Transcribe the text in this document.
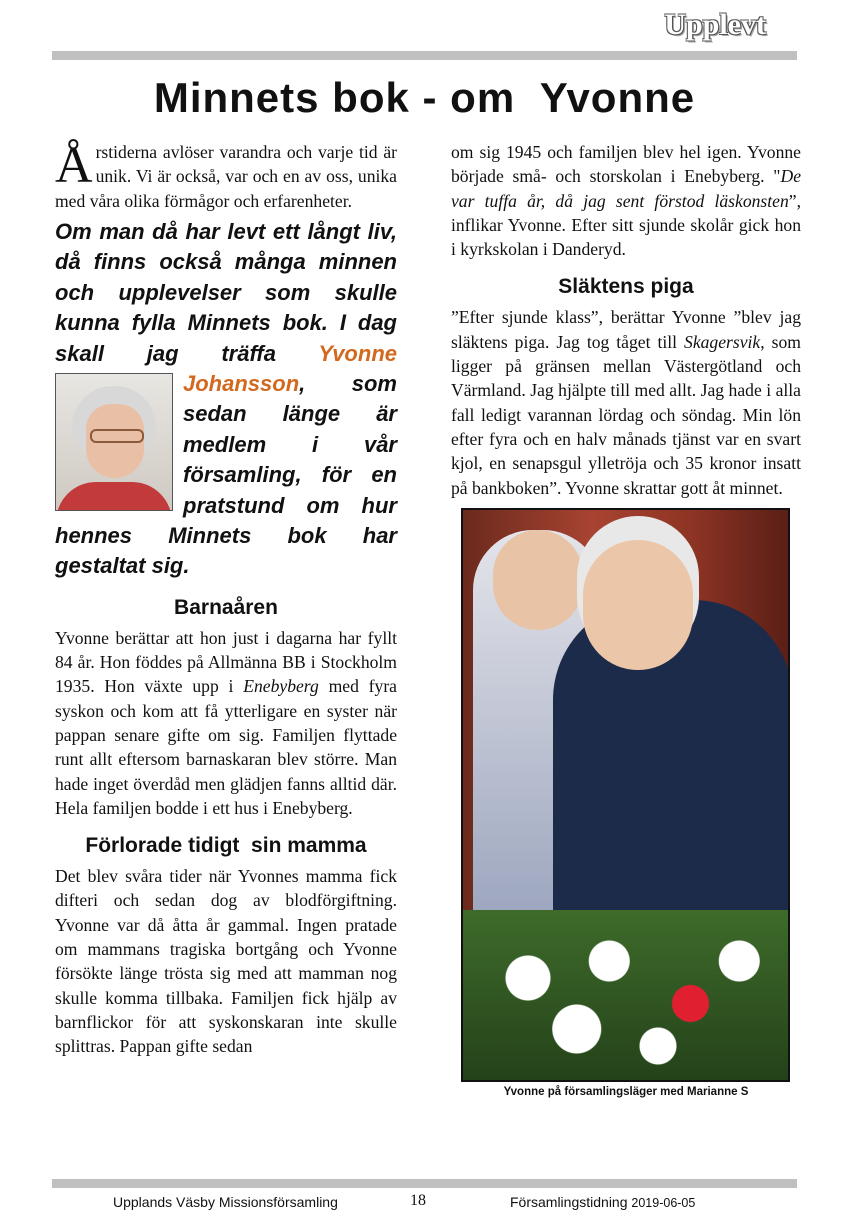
Upplevt
Minnets bok - om  Yvonne

Årstiderna avlöser varandra och varje tid är unik. Vi är också, var och en av oss, unika med våra olika förmågor och erfarenheter.

Om man då har levt ett långt liv, då finns också många minnen och upplevelser som skulle kunna fylla Minnets bok. I dag skall jag träffa Yvonne Johansson
, som sedan länge är medlem i vår församling, för en pratstund om hur hennes Minnets bok har gestaltat sig.

Barnaåren

Yvonne berättar att hon just i dagarna har fyllt 84 år. Hon föddes på Allmänna BB i Stockholm 1935. Hon växte upp i Enebyberg med fyra syskon och kom att få ytterligare en syster när pappan senare gifte om sig. Familjen flyttade runt allt eftersom barnaskaran blev större. Man hade inget överdåd men glädjen fanns alltid där. Hela familjen bodde i ett hus i Enebyberg.

Förlorade tidigt  sin mamma

Det blev svåra tider när Yvonnes mamma fick difteri och sedan dog av blodförgiftning. Yvonne var då åtta år gammal. Ingen pratade om mammans tragiska bortgång och Yvonne försökte länge trösta sig med att mamman nog skulle komma tillbaka. Familjen fick hjälp av barnflickor för att syskonskaran inte skulle splittras. Pappan gifte sedan

om sig 1945 och familjen blev hel igen. Yvonne började små- och storskolan i Enebyberg. "De var tuffa år, då jag sent förstod läskonsten”, inflikar Yvonne. Efter sitt sjunde skolår gick hon i kyrkskolan i Danderyd.

Släktens piga

”Efter sjunde klass”, berättar Yvonne ”blev jag släktens piga. Jag tog tåget till Skagersvik, som ligger på gränsen mellan Västergötland och Värmland. Jag hjälpte till med allt. Jag hade i alla fall ledigt varannan lördag och söndag. Min lön efter fyra och en halv månads tjänst var en svart kjol, en senapsgul ylletröja och 35 kronor insatt på bankboken”. Yvonne skrattar gott åt minnet.

Yvonne på församlingsläger med Marianne S
Upplands Väsby Missionsförsamling	18	Församlingstidning 2019-06-05
